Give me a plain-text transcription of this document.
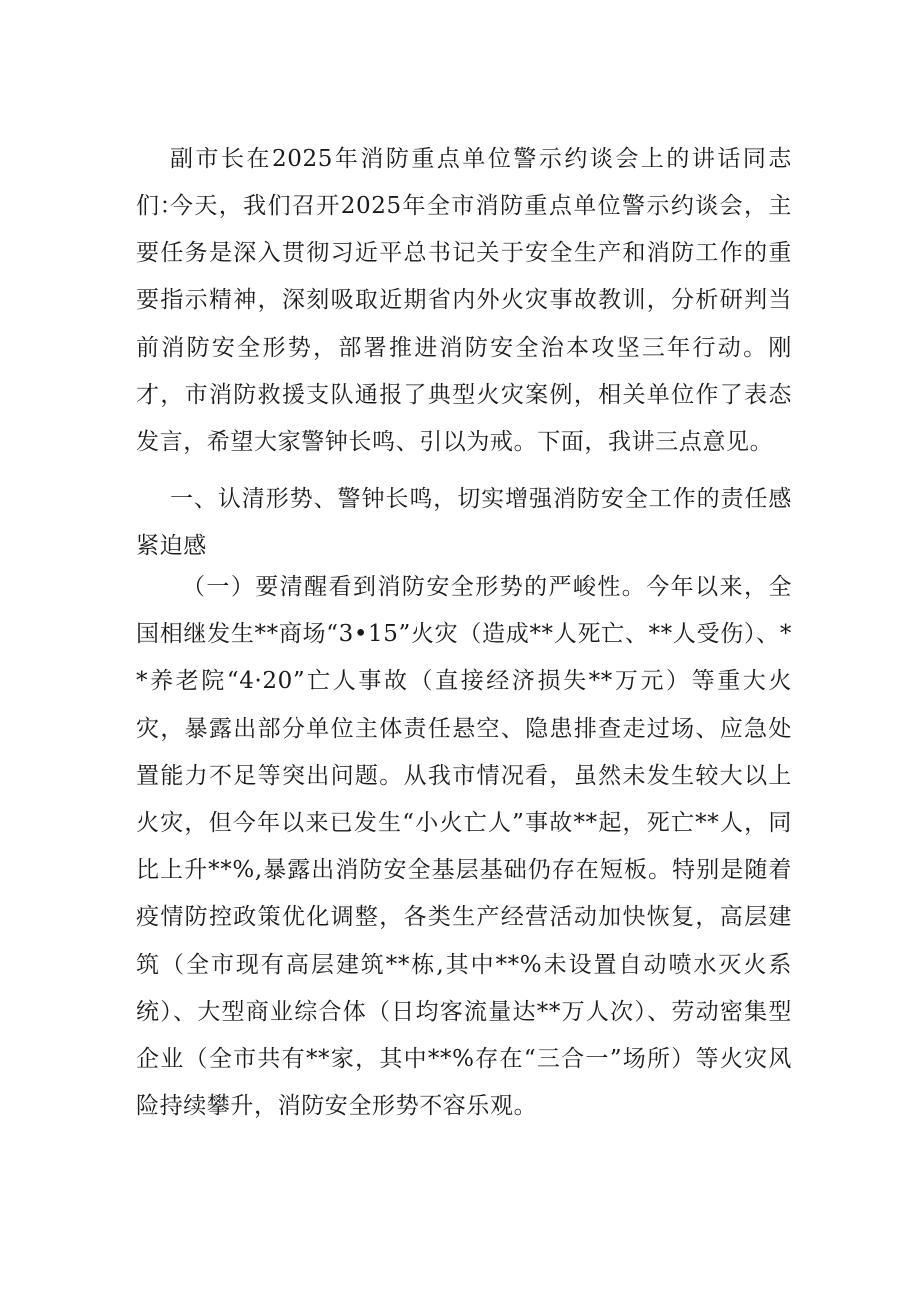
副市长在2025年消防重点单位警示约谈会上的讲话同志们：

今天，我们召开2025年全市消防重点单位警示约谈会，主要任务是深入贯彻习近平总书记关于安全生产和消防工作的重要指示精神，深刻吸取近期省内外火灾事故教训，分析研判当前消防安全形势，部署推进消防安全治本攻坚三年行动。刚才，市消防救援支队通报了典型火灾案例，相关单位作了表态发言，希望大家警钟长鸣、引以为戒。下面，我讲三点意见。

一、认清形势、警钟长鸣，切实增强消防安全工作的责任感紧迫感

（一）要清醒看到消防安全形势的严峻性。今年以来，全国相继发生**商场“3•15”火灾（造成**人死亡、**人受伤）、**养老院“4·20”亡人事故（直接经济损失**万元）等重大火灾，暴露出部分单位主体责任悬空、隐患排查走过场、应急处置能力不足等突出问题。从我市情况看，虽然未发生较大以上火灾，但今年以来已发生“小火亡人”事故**起，死亡**人，同比上升**%,暴露出消防安全基层基础仍存在短板。特别是随着疫情防控政策优化调整，各类生产经营活动加快恢复，高层建筑（全市现有高层建筑**栋,其中**%未设置自动喷水灭火系统）、大型商业综合体（日均客流量达**万人次）、劳动密集型企业（全市共有**家，其中**%存在“三合一”场所）等火灾风险持续攀升，消防安全形势不容乐观。
